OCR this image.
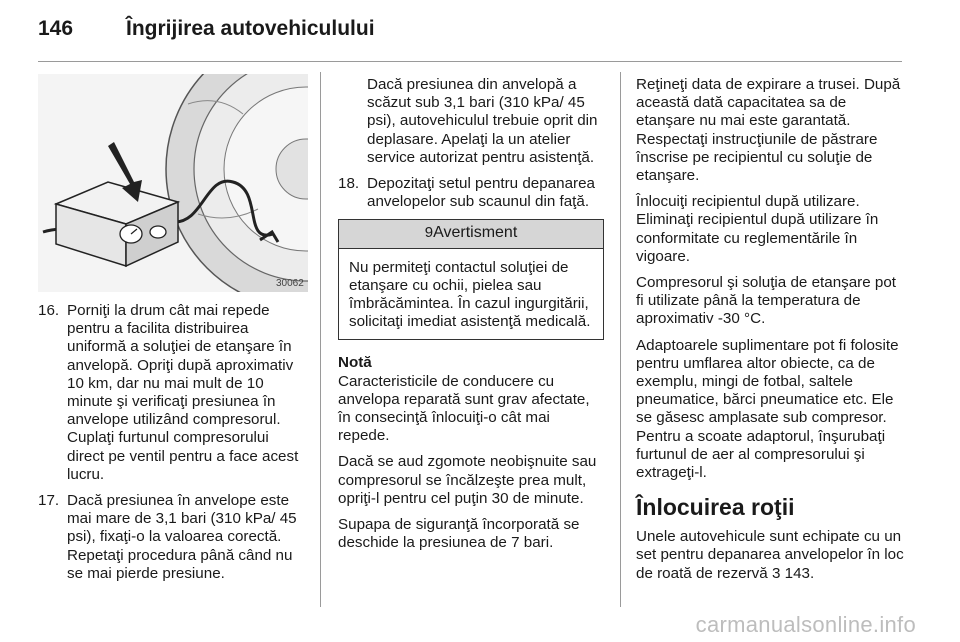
146	Îngrijirea autovehiculului
30062
16. Porniţi la drum cât mai repede pentru a facilita distribuirea uniformă a soluţiei de etanşare în anvelopă. Opriţi după aproximativ 10 km, dar nu mai mult de 10 minute şi verificaţi presiunea în anvelope utilizând compresorul. Cuplaţi furtunul compresorului direct pe ventil pentru a face acest lucru.
17. Dacă presiunea în anvelope este mai mare de 3,1 bari (310 kPa/ 45 psi), fixaţi-o la valoarea corectă. Repetaţi procedura până când nu se mai pierde presiune.
Dacă presiunea din anvelopă a scăzut sub 3,1 bari (310 kPa/ 45 psi), autovehiculul trebuie oprit din deplasare. Apelaţi la un atelier service autorizat pentru asistenţă.
18. Depozitaţi setul pentru depanarea anvelopelor sub scaunul din faţă.
9Avertisment
Nu permiteţi contactul soluţiei de etanşare cu ochii, pielea sau îmbrăcămintea. În cazul ingurgitării, solicitaţi imediat asistenţă medicală.
Notă

Caracteristicile de conducere cu anvelopa reparată sunt grav afectate, în consecinţă înlocuiţi-o cât mai repede.

Dacă se aud zgomote neobişnuite sau compresorul se încălzeşte prea mult, opriţi-l pentru cel puţin 30 de minute.

Supapa de siguranţă încorporată se deschide la presiunea de 7 bari.

Reţineţi data de expirare a trusei. După această dată capacitatea sa de etanşare nu mai este garantată. Respectaţi instrucţiunile de păstrare înscrise pe recipientul cu soluţie de etanşare.

Înlocuiţi recipientul după utilizare. Eliminaţi recipientul după utilizare în conformitate cu reglementările în vigoare.

Compresorul şi soluţia de etanşare pot fi utilizate până la temperatura de aproximativ -30 °C.

Adaptoarele suplimentare pot fi folosite pentru umflarea altor obiecte, ca de exemplu, mingi de fotbal, saltele pneumatice, bărci pneumatice etc. Ele se găsesc amplasate sub compresor. Pentru a scoate adaptorul, înşurubaţi furtunul de aer al compresorului şi extrageţi-l.

Înlocuirea roţii

Unele autovehicule sunt echipate cu un set pentru depanarea anvelopelor în loc de roată de rezervă 3 143.

carmanualsonline.info
